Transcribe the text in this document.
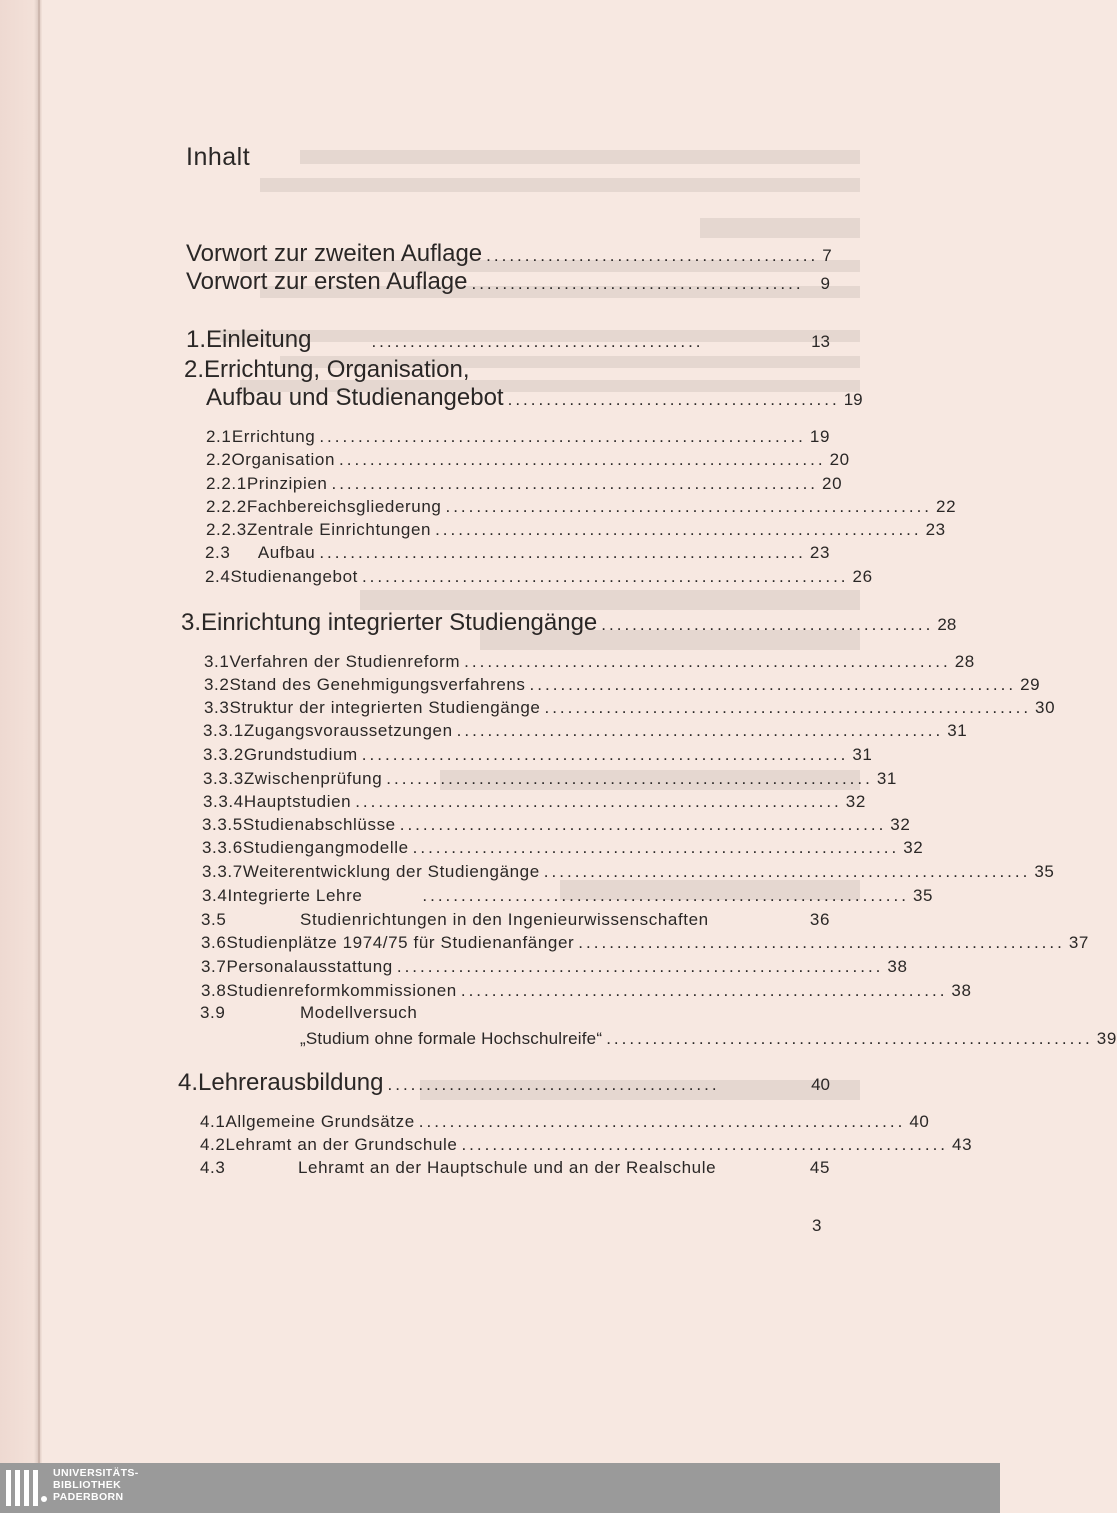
Inhalt
Vorwort zur zweiten Auflage ........................................... 7
Vorwort zur ersten Auflage ........................................... 9
1. Einleitung	...........................................	13
2. Errichtung, Organisation,
Aufbau und Studienangebot ........................................... 19
2.1 Errichtung ............................................................... 19
2.2 Organisation ............................................................... 20
2.2.1 Prinzipien ............................................................... 20
2.2.2 Fachbereichsgliederung ............................................................... 22
2.2.3 Zentrale Einrichtungen ............................................................... 23
2.3	Aufbau ............................................................... 23
2.4 Studienangebot ............................................................... 26
3. Einrichtung integrierter Studiengänge ........................................... 28
3.1 Verfahren der Studienreform ............................................................... 28
3.2 Stand des Genehmigungsverfahrens ............................................................... 29
3.3 Struktur der integrierten Studiengänge ............................................................... 30
3.3.1 Zugangsvoraussetzungen ............................................................... 31
3.3.2 Grundstudium ............................................................... 31
3.3.3 Zwischenprüfung ............................................................... 31
3.3.4 Hauptstudien ............................................................... 32
3.3.5 Studienabschlüsse ............................................................... 32
3.3.6 Studiengangmodelle ............................................................... 32
3.3.7 Weiterentwicklung der Studiengänge ............................................................... 35
3.4 Integrierte Lehre	............................................................... 35
3.5	Studienrichtungen in den Ingenieurwissenschaften	36
3.6 Studienplätze 1974/75 für Studienanfänger ............................................................... 37
3.7 Personalausstattung ............................................................... 38
3.8 Studienreformkommissionen ............................................................... 38
3.9	Modellversuch
„Studium ohne formale Hochschulreife“ ............................................................... 39
4. Lehrerausbildung ...........................................	40
4.1 Allgemeine Grundsätze ............................................................... 40
4.2 Lehramt an der Grundschule ............................................................... 43
4.3	Lehramt an der Hauptschule und an der Realschule	45
3
UNIVERSITÄTS-
BIBLIOTHEK
PADERBORN
